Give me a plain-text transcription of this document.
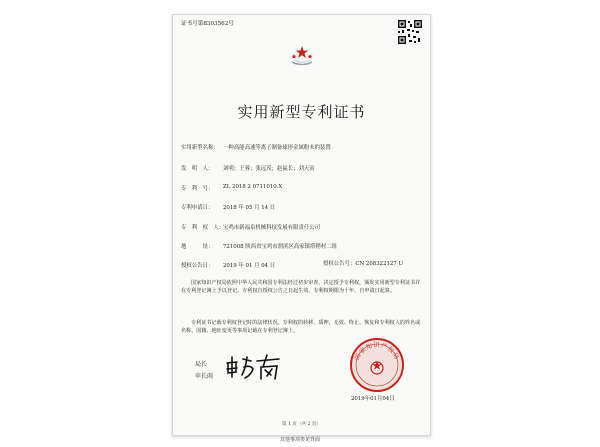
证书号第8303562号
实用新型专利证书
实用新型名称： 一种高能高速等离子制备球形金属粉末的装置
发　明　人： 刘明；王蓉；张远茂；赵福长；刘天寅
专　利　号： ZL 2018 2 0711010.X
专利申请日： 2018 年 05 月 14 日
专　利　权　人：
宝鸡市新福泉机械科技发展有限责任公司
地　　　址： 721008 陕西省宝鸡市渭滨区高家镇塔稍村二组
授权公告日： 2019 年 01 月 04 日	授权公告号：CN 208322127 U
国家知识产权局依照中华人民共和国专利法经过初步审查，决定授予专利权，颁发实用新型专利证书并在专利登记簿上予以登记。专利权自授权公告之日起生效。专利权期限为十年，自申请日起算。
专利证书记载专利权登记时的法律状况。专利权的转移、质押、无效、终止、恢复和专利权人的姓名或名称、国籍、地址变更等事项记载在专利登记簿上。
局长
申长雨
国家知识产权局
2019年01月04日
第 1 页（共 2 页）
其他事项参见背面
